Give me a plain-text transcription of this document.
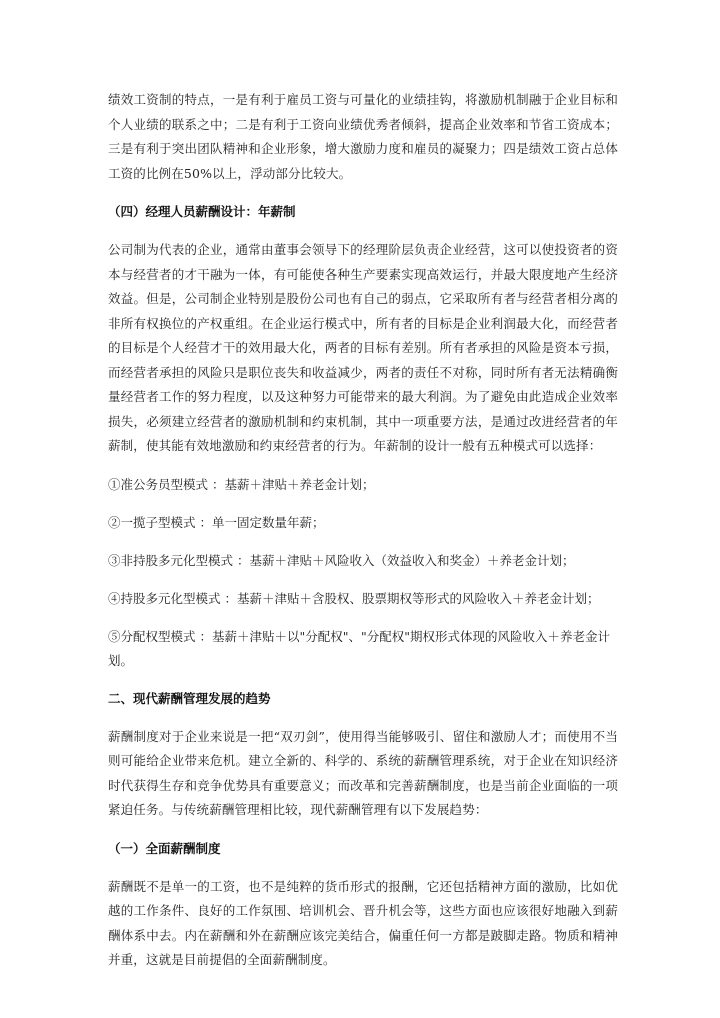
绩效工资制的特点，一是有利于雇员工资与可量化的业绩挂钩，将激励机制融于企业目标和个人业绩的联系之中；二是有利于工资向业绩优秀者倾斜，提高企业效率和节省工资成本；三是有利于突出团队精神和企业形象，增大激励力度和雇员的凝聚力；四是绩效工资占总体工资的比例在50%以上，浮动部分比较大。

（四）经理人员薪酬设计：年薪制

公司制为代表的企业，通常由董事会领导下的经理阶层负责企业经营，这可以使投资者的资本与经营者的才干融为一体，有可能使各种生产要素实现高效运行，并最大限度地产生经济效益。但是，公司制企业特别是股份公司也有自己的弱点，它采取所有者与经营者相分离的非所有权换位的产权重组。在企业运行模式中，所有者的目标是企业利润最大化，而经营者的目标是个人经营才干的效用最大化，两者的目标有差别。所有者承担的风险是资本亏损，而经营者承担的风险只是职位丧失和收益减少，两者的责任不对称，同时所有者无法精确衡量经营者工作的努力程度，以及这种努力可能带来的最大利润。为了避免由此造成企业效率损失，必须建立经营者的激励机制和约束机制，其中一项重要方法，是通过改进经营者的年薪制，使其能有效地激励和约束经营者的行为。年薪制的设计一般有五种模式可以选择：

①准公务员型模式 ：基薪＋津贴＋养老金计划；

②一揽子型模式 ：单一固定数量年薪；

③非持股多元化型模式 ：基薪＋津贴＋风险收入（效益收入和奖金）＋养老金计划；

④持股多元化型模式 ：基薪＋津贴＋含股权、股票期权等形式的风险收入＋养老金计划；

⑤分配权型模式 ：基薪＋津贴＋以"分配权"、"分配权"期权形式体现的风险收入＋养老金计划。

二、现代薪酬管理发展的趋势

薪酬制度对于企业来说是一把“双刃剑”，使用得当能够吸引、留住和激励人才；而使用不当则可能给企业带来危机。建立全新的、科学的、系统的薪酬管理系统，对于企业在知识经济时代获得生存和竞争优势具有重要意义；而改革和完善薪酬制度，也是当前企业面临的一项紧迫任务。与传统薪酬管理相比较，现代薪酬管理有以下发展趋势：

（一）全面薪酬制度

薪酬既不是单一的工资，也不是纯粹的货币形式的报酬，它还包括精神方面的激励，比如优越的工作条件、良好的工作氛围、培训机会、晋升机会等，这些方面也应该很好地融入到薪酬体系中去。内在薪酬和外在薪酬应该完美结合，偏重任何一方都是跛脚走路。物质和精神并重，这就是目前提倡的全面薪酬制度。
